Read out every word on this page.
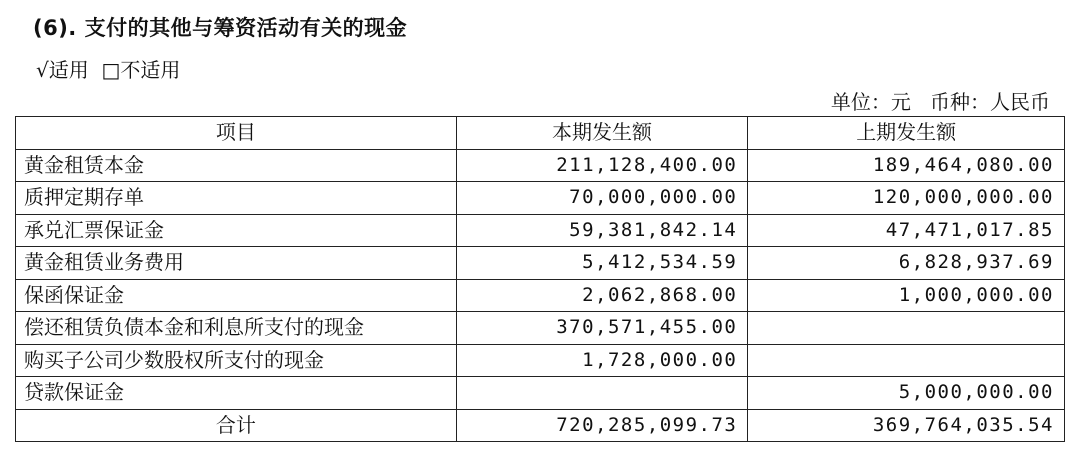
(6). 支付的其他与筹资活动有关的现金
√适用
□不适用
单位：元   币种：人民币
项目	本期发生额	上期发生额
黄金租赁本金	211,128,400.00	189,464,080.00
质押定期存单	70,000,000.00	120,000,000.00
承兑汇票保证金	59,381,842.14	47,471,017.85
黄金租赁业务费用	5,412,534.59	6,828,937.69
保函保证金	2,062,868.00	1,000,000.00
偿还租赁负债本金和利息所支付的现金	370,571,455.00	
购买子公司少数股权所支付的现金	1,728,000.00	
贷款保证金		5,000,000.00
合计	720,285,099.73	369,764,035.54
